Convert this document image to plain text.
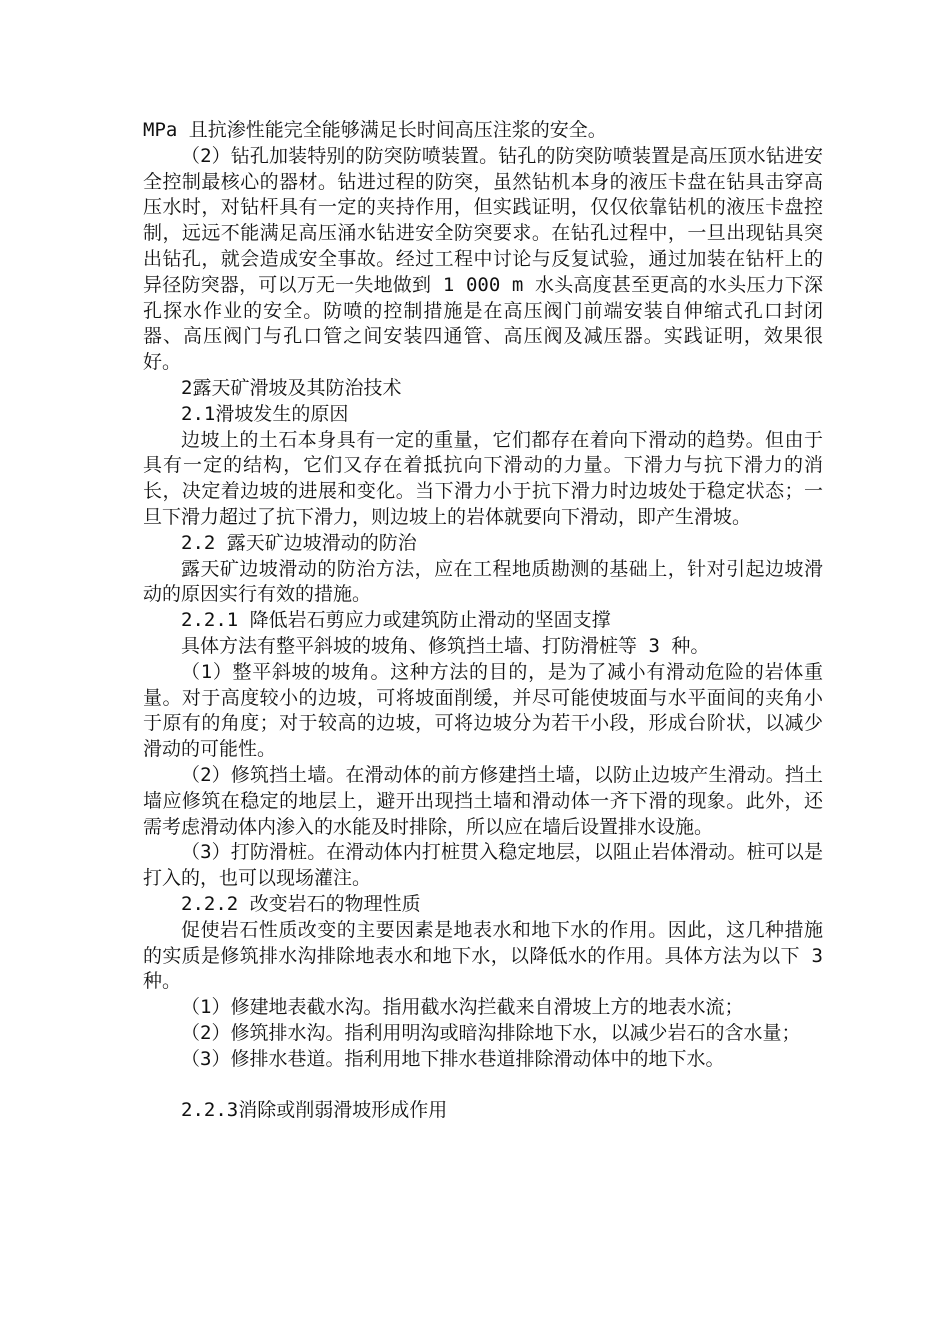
MPa 且抗渗性能完全能够满足长时间高压注浆的安全。

（2）钻孔加装特别的防突防喷装置。钻孔的防突防喷装置是高压顶水钻进安全控制最核心的器材。钻进过程的防突，虽然钻机本身的液压卡盘在钻具击穿高压水时，对钻杆具有一定的夹持作用，但实践证明，仅仅依靠钻机的液压卡盘控制，远远不能满足高压涌水钻进安全防突要求。在钻孔过程中，一旦出现钻具突出钻孔，就会造成安全事故。经过工程中讨论与反复试验，通过加装在钻杆上的异径防突器，可以万无一失地做到 1 000 m 水头高度甚至更高的水头压力下深孔探水作业的安全。防喷的控制措施是在高压阀门前端安装自伸缩式孔口封闭器、高压阀门与孔口管之间安装四通管、高压阀及减压器。实践证明，效果很好。

2露天矿滑坡及其防治技术

2.1滑坡发生的原因

边坡上的土石本身具有一定的重量，它们都存在着向下滑动的趋势。但由于具有一定的结构，它们又存在着抵抗向下滑动的力量。下滑力与抗下滑力的消长，决定着边坡的进展和变化。当下滑力小于抗下滑力时边坡处于稳定状态；一旦下滑力超过了抗下滑力，则边坡上的岩体就要向下滑动，即产生滑坡。

2.2 露天矿边坡滑动的防治

露天矿边坡滑动的防治方法，应在工程地质勘测的基础上，针对引起边坡滑动的原因实行有效的措施。

2.2.1 降低岩石剪应力或建筑防止滑动的坚固支撑

具体方法有整平斜坡的坡角、修筑挡土墙、打防滑桩等 3 种。

（1）整平斜坡的坡角。这种方法的目的，是为了减小有滑动危险的岩体重量。对于高度较小的边坡，可将坡面削缓，并尽可能使坡面与水平面间的夹角小于原有的角度；对于较高的边坡，可将边坡分为若干小段，形成台阶状，以减少滑动的可能性。

（2）修筑挡土墙。在滑动体的前方修建挡土墙，以防止边坡产生滑动。挡土墙应修筑在稳定的地层上，避开出现挡土墙和滑动体一齐下滑的现象。此外，还需考虑滑动体内渗入的水能及时排除，所以应在墙后设置排水设施。

（3）打防滑桩。在滑动体内打桩贯入稳定地层，以阻止岩体滑动。桩可以是打入的，也可以现场灌注。

2.2.2 改变岩石的物理性质

促使岩石性质改变的主要因素是地表水和地下水的作用。因此，这几种措施的实质是修筑排水沟排除地表水和地下水，以降低水的作用。具体方法为以下 3 种。

（1）修建地表截水沟。指用截水沟拦截来自滑坡上方的地表水流；

（2）修筑排水沟。指利用明沟或暗沟排除地下水，以减少岩石的含水量；

（3）修排水巷道。指利用地下排水巷道排除滑动体中的地下水。

2.2.3消除或削弱滑坡形成作用
